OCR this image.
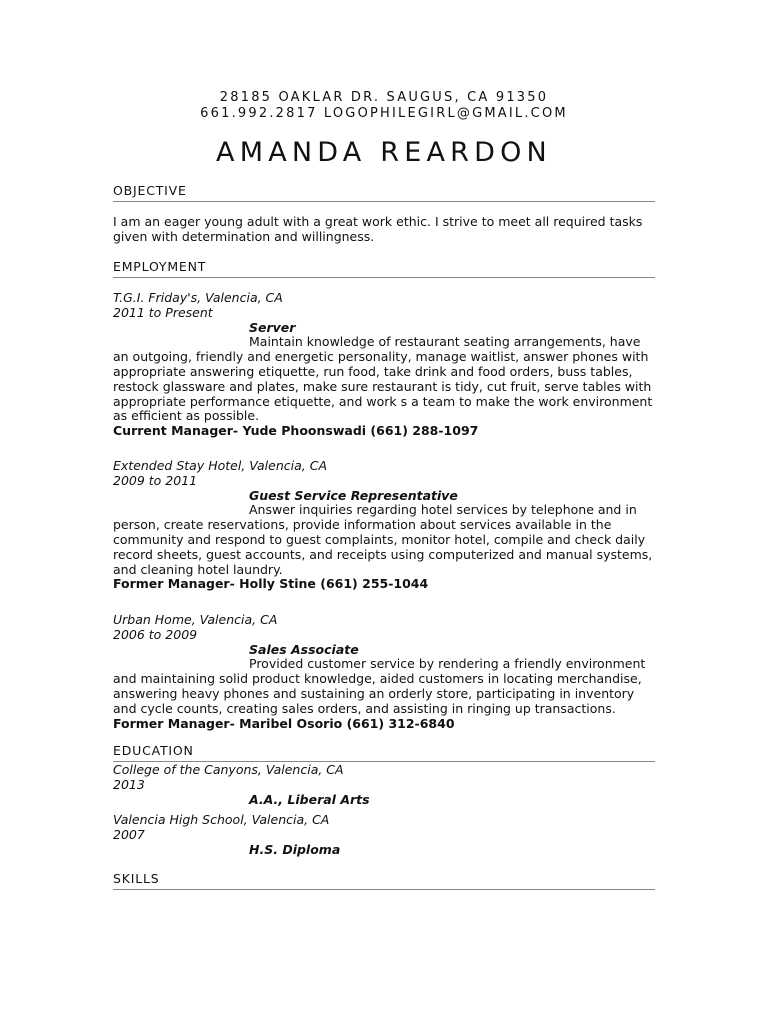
28185 OAKLAR DR. SAUGUS, CA 91350
661.992.2817 LOGOPHILEGIRL@GMAIL.COM
AMANDA REARDON
OBJECTIVE

I am an eager young adult with a great work ethic. I strive to meet all required tasks given with determination and willingness.

EMPLOYMENT

T.G.I. Friday's, Valencia, CA

2011 to Present

Server

Maintain knowledge of restaurant seating arrangements, have an outgoing, friendly and energetic personality, manage waitlist, answer phones with appropriate answering etiquette, run food, take drink and food orders, buss tables, restock glassware and plates, make sure restaurant is tidy, cut fruit, serve tables with appropriate performance etiquette, and work s a team to make the work environment as efficient as possible.

Current Manager- Yude Phoonswadi (661) 288-1097

Extended Stay Hotel, Valencia, CA

2009 to 2011

Guest Service Representative

Answer inquiries regarding hotel services by telephone and in person, create reservations, provide information about services available in the community and respond to guest complaints, monitor hotel, compile and check daily record sheets, guest accounts, and receipts using computerized and manual systems, and cleaning hotel laundry.

Former Manager- Holly Stine (661) 255-1044

Urban Home, Valencia, CA

2006 to 2009

Sales Associate

Provided customer service by rendering a friendly environment and maintaining solid product knowledge, aided customers in locating merchandise, answering heavy phones and sustaining an orderly store, participating in inventory and cycle counts, creating sales orders, and assisting in ringing up transactions.

Former Manager- Maribel Osorio (661) 312-6840

EDUCATION

College of the Canyons, Valencia, CA

2013

A.A., Liberal Arts

Valencia High School, Valencia, CA

2007

H.S. Diploma

SKILLS
